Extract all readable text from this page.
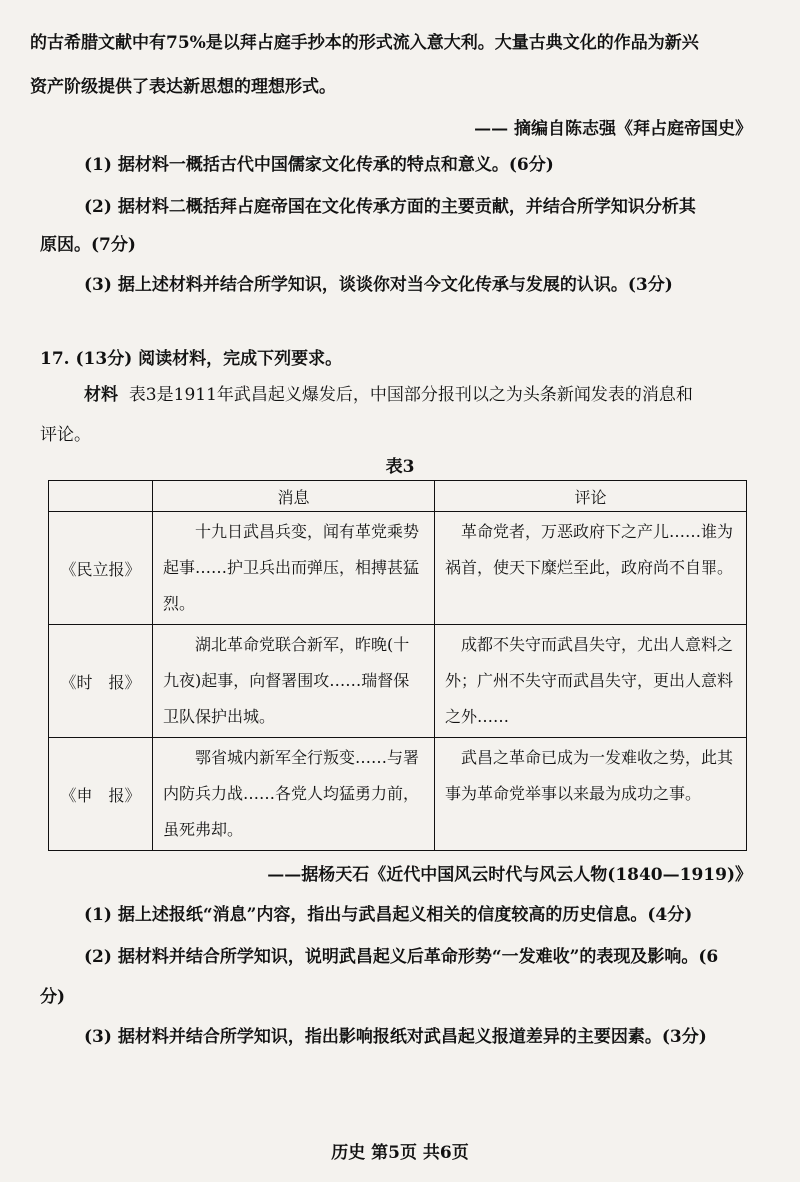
的古希腊文献中有75%是以拜占庭手抄本的形式流入意大利。大量古典文化的作品为新兴
资产阶级提供了表达新思想的理想形式。
—— 摘编自陈志强《拜占庭帝国史》
(1) 据材料一概括古代中国儒家文化传承的特点和意义。(6分)
(2) 据材料二概括拜占庭帝国在文化传承方面的主要贡献，并结合所学知识分析其
原因。(7分)
(3) 据上述材料并结合所学知识，谈谈你对当今文化传承与发展的认识。(3分)
17. (13分) 阅读材料，完成下列要求。
材料 表3是1911年武昌起义爆发后，中国部分报刊以之为头条新闻发表的消息和
评论。
表3
	消息	评论
《民立报》	十九日武昌兵变，闻有革党乘势起事……护卫兵出而弹压，相搏甚猛烈。	革命党者，万恶政府下之产儿……谁为祸首，使天下糜烂至此，政府尚不自罪。
《时　报》	湖北革命党联合新军，昨晚(十九夜)起事，向督署围攻……瑞督保卫队保护出城。	成都不失守而武昌失守，尤出人意料之外；广州不失守而武昌失守，更出人意料之外……
《申　报》	鄂省城内新军全行叛变……与署内防兵力战……各党人均猛勇力前，虽死弗却。	武昌之革命已成为一发难收之势，此其事为革命党举事以来最为成功之事。
——据杨天石《近代中国风云时代与风云人物(1840—1919)》
(1) 据上述报纸“消息”内容，指出与武昌起义相关的信度较高的历史信息。(4分)
(2) 据材料并结合所学知识，说明武昌起义后革命形势“一发难收”的表现及影响。(6
分)
(3) 据材料并结合所学知识，指出影响报纸对武昌起义报道差异的主要因素。(3分)
历史 第5页 共6页
